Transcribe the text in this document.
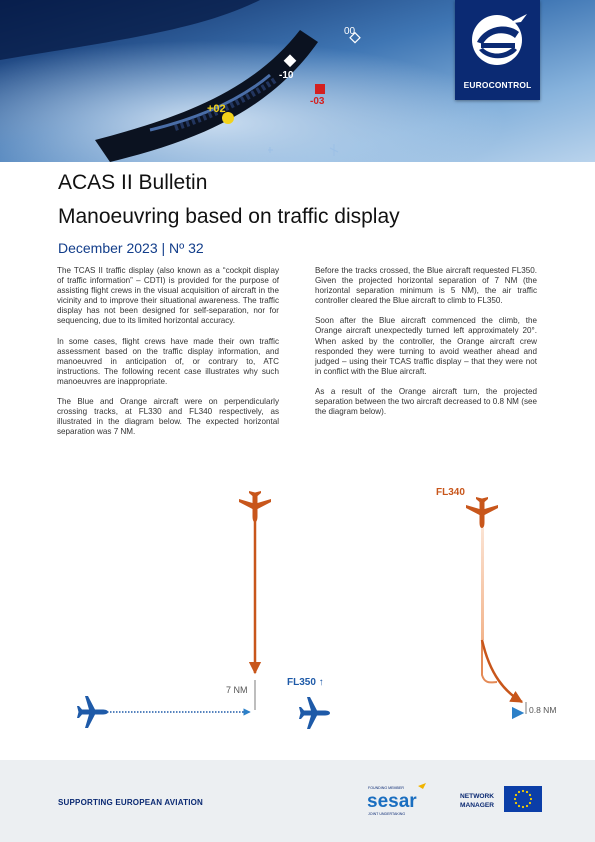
00
-10
+02
-03
EUROCONTROL
ACAS II Bulletin
Manoeuvring based on traffic display
December 2023 | Nº 32

The TCAS II traffic display (also known as a “cockpit display of traffic information” – CDTI) is provided for the purpose of assisting flight crews in the visual acquisition of aircraft in the vicinity and to improve their situational awareness. The traffic display has not been designed for self-separation, nor for sequencing, due to its limited horizontal accuracy.

In some cases, flight crews have made their own traffic assessment based on the traffic display information, and manoeuvred in anticipation of, or contrary to, ATC instructions. The following recent case illustrates why such manoeuvres are inappropriate.

The Blue and Orange aircraft were on perpendicularly crossing tracks, at FL330 and FL340 respectively, as illustrated in the diagram below. The expected horizontal separation was 7 NM.

Before the tracks crossed, the Blue aircraft requested FL350. Given the projected horizontal separation of 7 NM (the horizontal separation minimum is 5 NM), the air traffic controller cleared the Blue aircraft to climb to FL350.

Soon after the Blue aircraft commenced the climb, the Orange aircraft unexpectedly turned left approximately 20°. When asked by the controller, the Orange aircraft crew responded they were turning to avoid weather ahead and judged – using their TCAS traffic display – that they were not in conflict with the Blue aircraft.

As a result of the Orange aircraft turn, the projected separation between the two aircraft decreased to 0.8 NM (see the diagram below).

7 NM
FL340
FL350 ↑
0.8 NM
SUPPORTING EUROPEAN AVIATION
FOUNDING MEMBER
sesar
JOINT UNDERTAKING
NETWORK
MANAGER
